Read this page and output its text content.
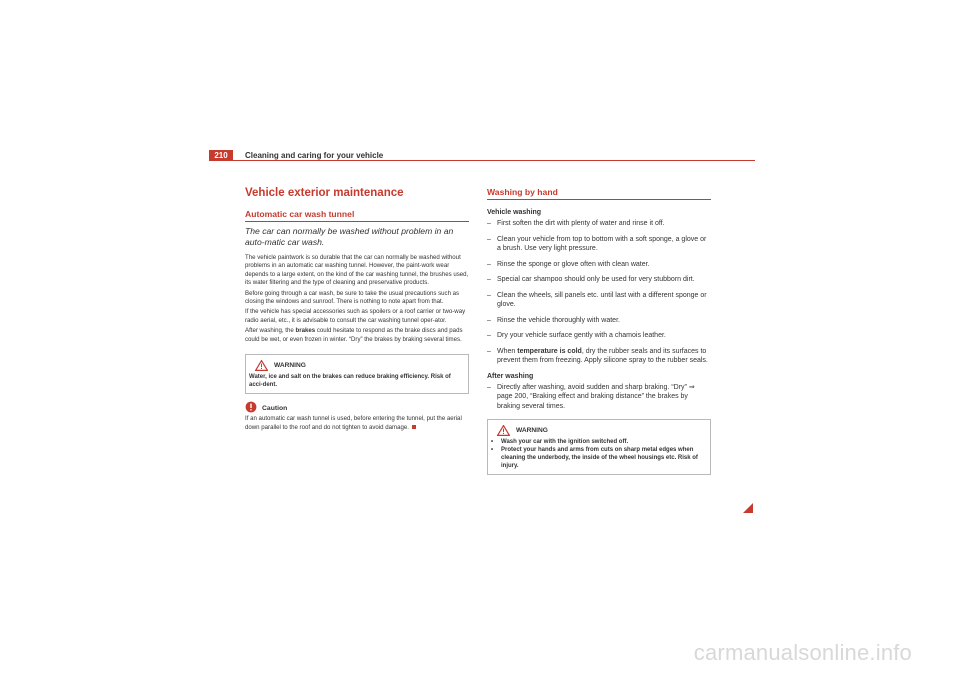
210	Cleaning and caring for your vehicle
Vehicle exterior maintenance
Automatic car wash tunnel

The car can normally be washed without problem in an auto-matic car wash.

The vehicle paintwork is so durable that the car can normally be washed without problems in an automatic car washing tunnel. However, the paint-work wear depends to a large extent, on the kind of the car washing tunnel, the brushes used, its water filtering and the type of cleaning and preservative products.

Before going through a car wash, be sure to take the usual precautions such as closing the windows and sunroof. There is nothing to note apart from that.

If the vehicle has special accessories such as spoilers or a roof carrier or two-way radio aerial, etc., it is advisable to consult the car washing tunnel oper-ator.

After washing, the brakes could hesitate to respond as the brake discs and pads could be wet, or even frozen in winter. “Dry” the brakes by braking several times.

WARNING

Water, ice and salt on the brakes can reduce braking efficiency. Risk of acci-dent.

Caution

If an automatic car wash tunnel is used, before entering the tunnel, put the aerial down parallel to the roof and do not tighten to avoid damage.

Washing by hand
Vehicle washing
– First soften the dirt with plenty of water and rinse it off.
– Clean your vehicle from top to bottom with a soft sponge, a glove or a brush. Use very light pressure.
– Rinse the sponge or glove often with clean water.
– Special car shampoo should only be used for very stubborn dirt.
– Clean the wheels, sill panels etc. until last with a different sponge or glove.
– Rinse the vehicle thoroughly with water.
– Dry your vehicle surface gently with a chamois leather.
– When temperature is cold, dry the rubber seals and its surfaces to prevent them from freezing. Apply silicone spray to the rubber seals.
After washing
– Directly after washing, avoid sudden and sharp braking. “Dry” ⇒ page 200, “Braking effect and braking distance” the brakes by braking several times.
WARNING
•	Wash your car with the ignition switched off.
•	Protect your hands and arms from cuts on sharp metal edges when cleaning the underbody, the inside of the wheel housings etc. Risk of injury.
carmanualsonline.info
